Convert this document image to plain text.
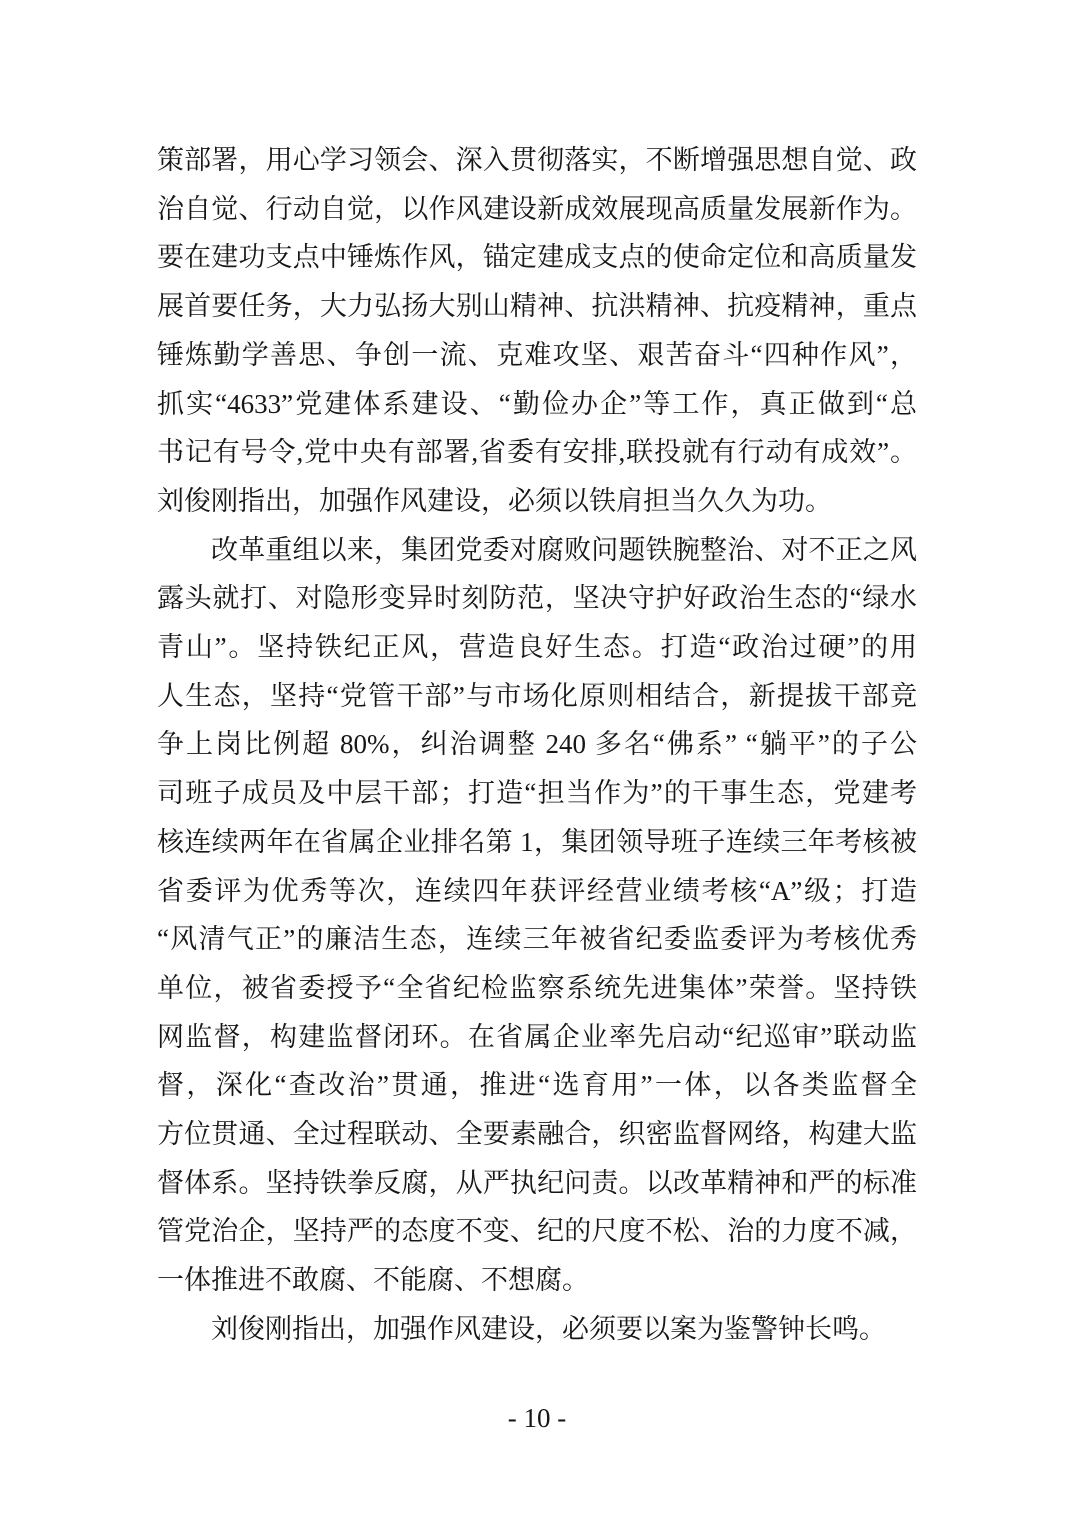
策部署，用心学习领会、深入贯彻落实，不断增强思想自觉、政
治自觉、行动自觉，以作风建设新成效展现高质量发展新作为。
要在建功支点中锤炼作风，锚定建成支点的使命定位和高质量发
展首要任务，大力弘扬大别山精神、抗洪精神、抗疫精神，重点
锤炼勤学善思、争创一流、克难攻坚、艰苦奋斗“四种作风”，
抓实“4633”党建体系建设、“勤俭办企”等工作，真正做到“总
书记有号令,党中央有部署,省委有安排,联投就有行动有成效”。
刘俊刚指出，加强作风建设，必须以铁肩担当久久为功。
改革重组以来，集团党委对腐败问题铁腕整治、对不正之风
露头就打、对隐形变异时刻防范，坚决守护好政治生态的“绿水
青山”。坚持铁纪正风，营造良好生态。打造“政治过硬”的用
人生态，坚持“党管干部”与市场化原则相结合，新提拔干部竞
争上岗比例超 80%，纠治调整 240 多名“佛系” “躺平”的子公
司班子成员及中层干部；打造“担当作为”的干事生态，党建考
核连续两年在省属企业排名第 1，集团领导班子连续三年考核被
省委评为优秀等次，连续四年获评经营业绩考核“A”级；打造
“风清气正”的廉洁生态，连续三年被省纪委监委评为考核优秀
单位，被省委授予“全省纪检监察系统先进集体”荣誉。坚持铁
网监督，构建监督闭环。在省属企业率先启动“纪巡审”联动监
督，深化“查改治”贯通，推进“选育用”一体，以各类监督全
方位贯通、全过程联动、全要素融合，织密监督网络，构建大监
督体系。坚持铁拳反腐，从严执纪问责。以改革精神和严的标准
管党治企，坚持严的态度不变、纪的尺度不松、治的力度不减，
一体推进不敢腐、不能腐、不想腐。
刘俊刚指出，加强作风建设，必须要以案为鉴警钟长鸣。
- 10 -
